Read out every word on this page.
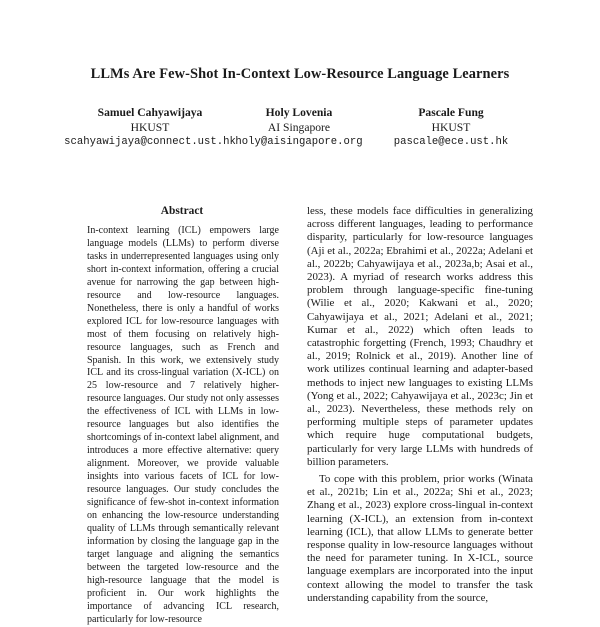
LLMs Are Few-Shot In-Context Low-Resource Language Learners
Samuel Cahyawijaya
HKUST
scahyawijaya@connect.ust.hk
Holy Lovenia
AI Singapore
holy@aisingapore.org
Pascale Fung
HKUST
pascale@ece.ust.hk
Abstract

In-context learning (ICL) empowers large language models (LLMs) to perform diverse tasks in underrepresented languages using only short in-context information, offering a crucial avenue for narrowing the gap between high-resource and low-resource languages. Nonetheless, there is only a handful of works explored ICL for low-resource languages with most of them focusing on relatively high-resource languages, such as French and Spanish. In this work, we extensively study ICL and its cross-lingual variation (X-ICL) on 25 low-resource and 7 relatively higher-resource languages. Our study not only assesses the effectiveness of ICL with LLMs in low-resource languages but also identifies the shortcomings of in-context label alignment, and introduces a more effective alternative: query alignment. Moreover, we provide valuable insights into various facets of ICL for low-resource languages. Our study concludes the significance of few-shot in-context information on enhancing the low-resource understanding quality of LLMs through semantically relevant information by closing the language gap in the target language and aligning the semantics between the targeted low-resource and the high-resource language that the model is proficient in. Our work highlights the importance of advancing ICL research, particularly for low-resource

less, these models face difficulties in generalizing across different languages, leading to performance disparity, particularly for low-resource languages (Aji et al., 2022a; Ebrahimi et al., 2022a; Adelani et al., 2022b; Cahyawijaya et al., 2023a,b; Asai et al., 2023). A myriad of research works address this problem through language-specific fine-tuning (Wilie et al., 2020; Kakwani et al., 2020; Cahyawijaya et al., 2021; Adelani et al., 2021; Kumar et al., 2022) which often leads to catastrophic forgetting (French, 1993; Chaudhry et al., 2019; Rolnick et al., 2019). Another line of work utilizes continual learning and adapter-based methods to inject new languages to existing LLMs (Yong et al., 2022; Cahyawijaya et al., 2023c; Jin et al., 2023). Nevertheless, these methods rely on performing multiple steps of parameter updates which require huge computational budgets, particularly for very large LLMs with hundreds of billion parameters.

To cope with this problem, prior works (Winata et al., 2021b; Lin et al., 2022a; Shi et al., 2023; Zhang et al., 2023) explore cross-lingual in-context learning (X-ICL), an extension from in-context learning (ICL), that allow LLMs to generate better response quality in low-resource languages without the need for parameter tuning. In X-ICL, source language exemplars are incorporated into the input context allowing the model to transfer the task understanding capability from the source,
